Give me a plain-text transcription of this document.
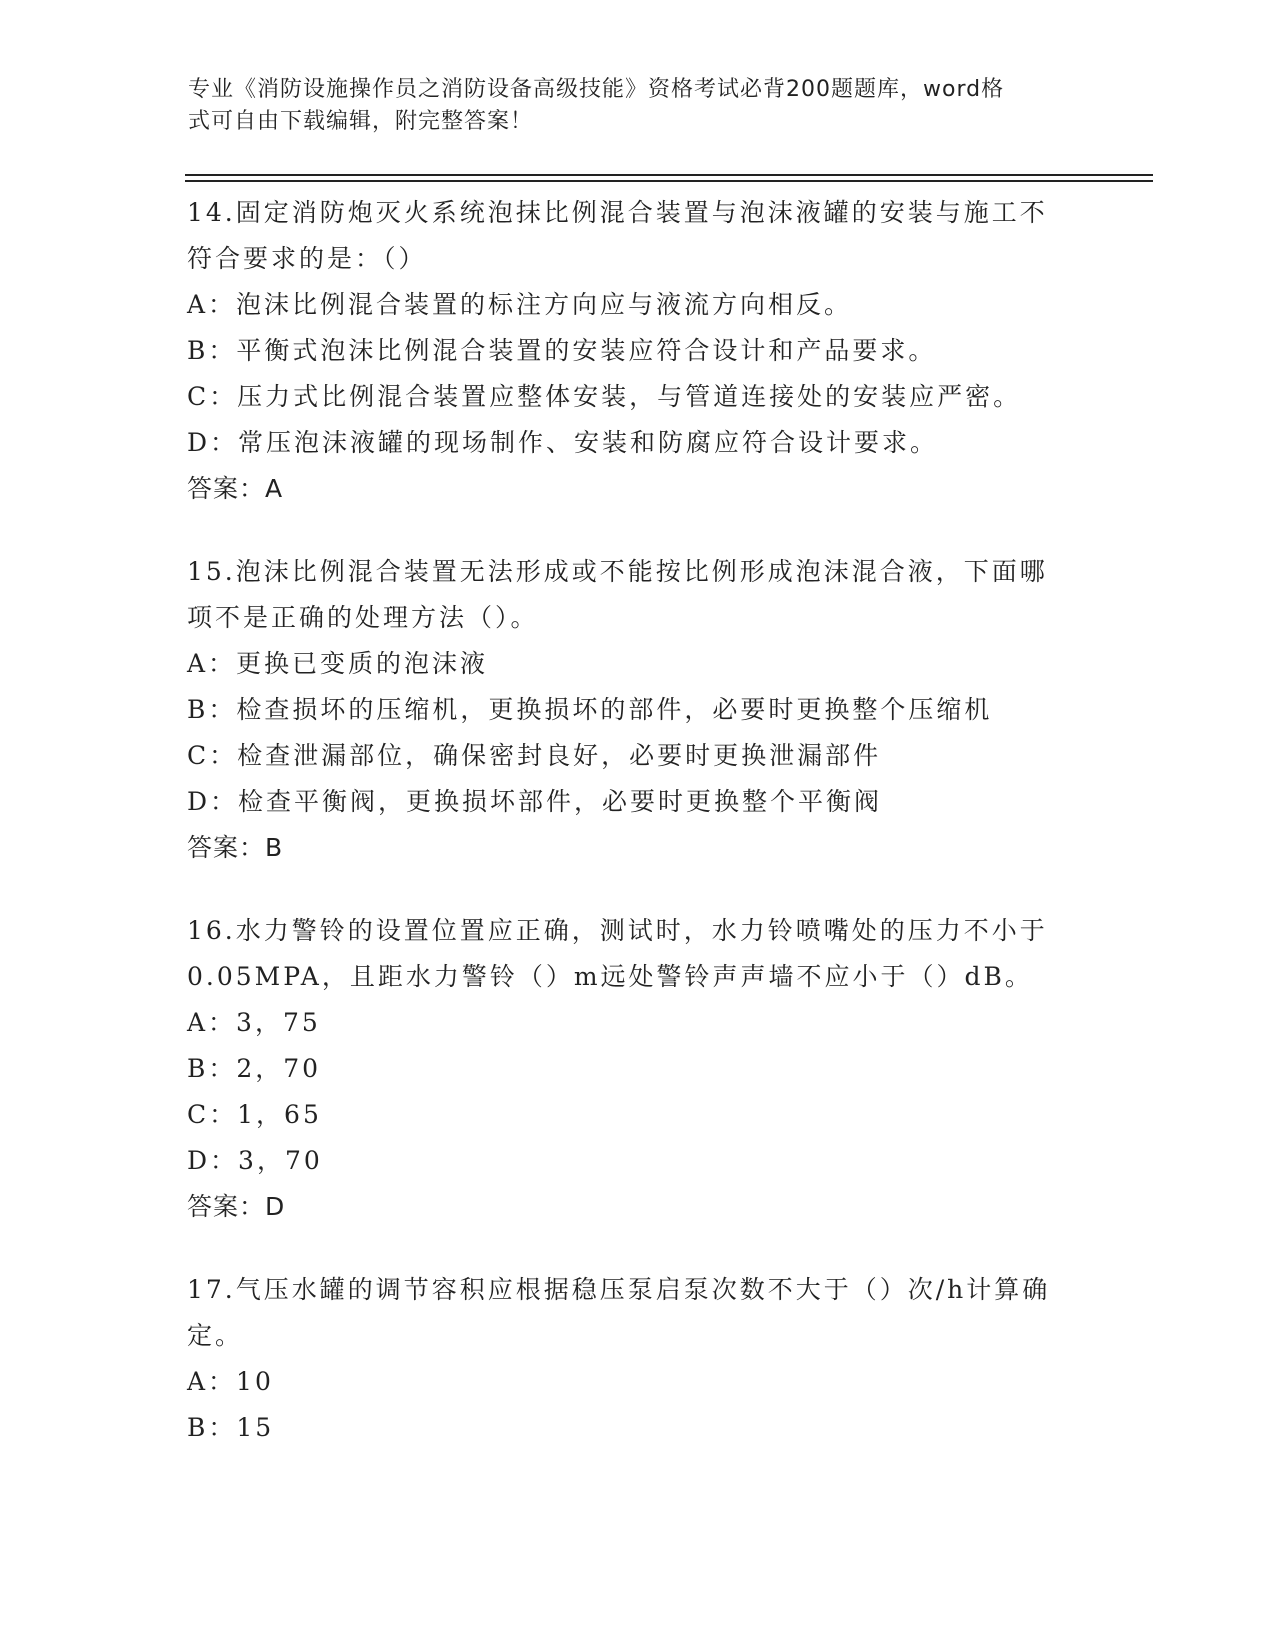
专业《消防设施操作员之消防设备高级技能》资格考试必背200题题库，word格
式可自由下载编辑，附完整答案！
14.固定消防炮灭火系统泡抹比例混合装置与泡沫液罐的安装与施工不
符合要求的是：（）
A：泡沫比例混合装置的标注方向应与液流方向相反。
B：平衡式泡沫比例混合装置的安装应符合设计和产品要求。
C：压力式比例混合装置应整体安装，与管道连接处的安装应严密。
D：常压泡沫液罐的现场制作、安装和防腐应符合设计要求。
答案：A
15.泡沫比例混合装置无法形成或不能按比例形成泡沫混合液，下面哪
项不是正确的处理方法（）。
A：更换已变质的泡沫液
B：检查损坏的压缩机，更换损坏的部件，必要时更换整个压缩机
C：检查泄漏部位，确保密封良好，必要时更换泄漏部件
D：检查平衡阀，更换损坏部件，必要时更换整个平衡阀
答案：B
16.水力警铃的设置位置应正确，测试时，水力铃喷嘴处的压力不小于
0.05MPA，且距水力警铃（）m远处警铃声声墙不应小于（）dB。
A：3，75
B：2，70
C：1，65
D：3，70
答案：D
17.气压水罐的调节容积应根据稳压泵启泵次数不大于（）次/h计算确
定。
A：10
B：15
